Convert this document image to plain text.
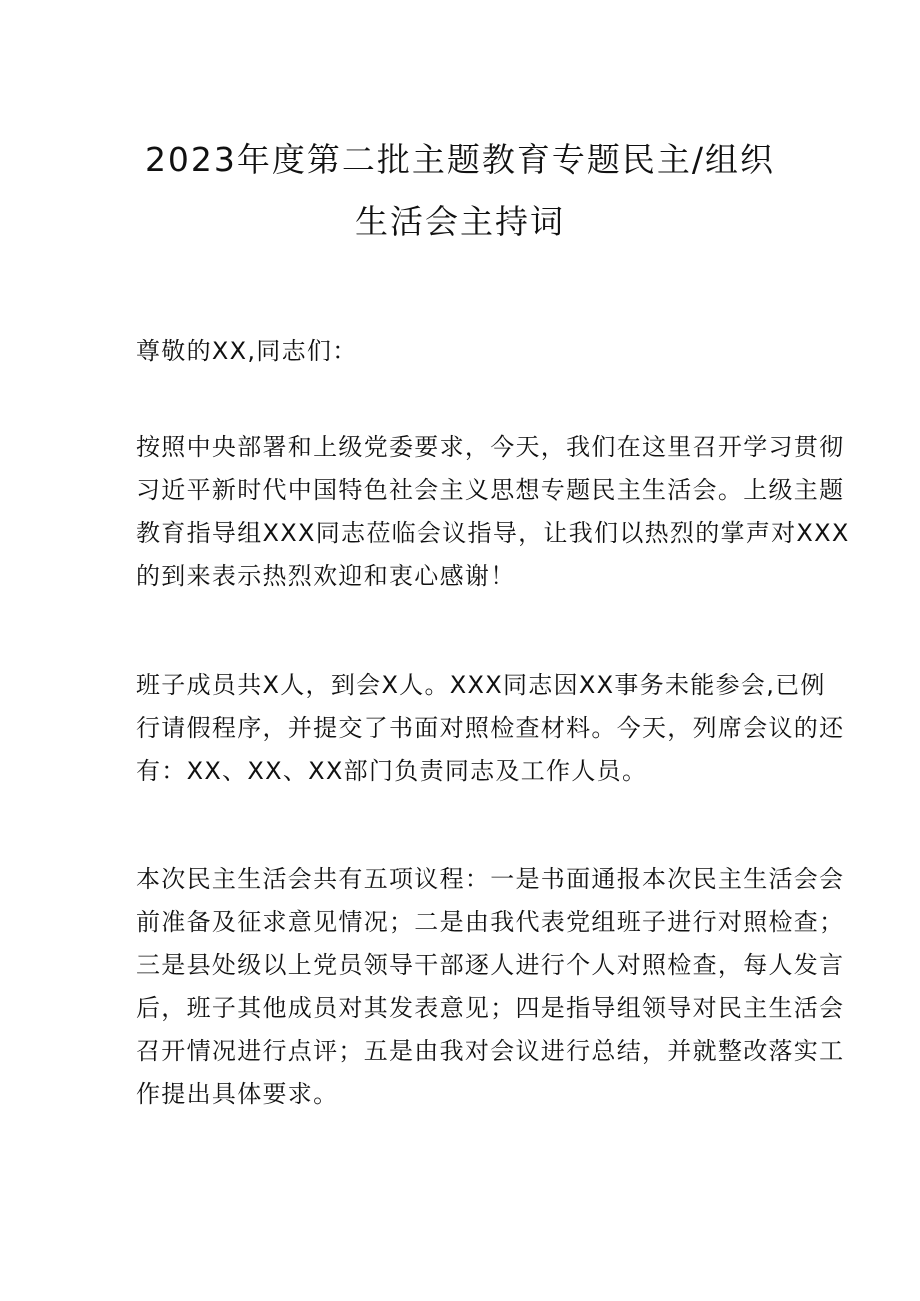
2023年度第二批主题教育专题民主/组织
生活会主持词

尊敬的XX,同志们：

按照中央部署和上级党委要求，今天，我们在这里召开学习贯彻
习近平新时代中国特色社会主义思想专题民主生活会。上级主题
教育指导组XXX同志莅临会议指导，让我们以热烈的掌声对XXX
的到来表示热烈欢迎和衷心感谢！
班子成员共X人，到会X人。XXX同志因XX事务未能参会,已例
行请假程序，并提交了书面对照检查材料。今天，列席会议的还
有：XX、XX、XX部门负责同志及工作人员。
本次民主生活会共有五项议程：一是书面通报本次民主生活会会
前准备及征求意见情况；二是由我代表党组班子进行对照检查；
三是县处级以上党员领导干部逐人进行个人对照检查，每人发言
后，班子其他成员对其发表意见；四是指导组领导对民主生活会
召开情况进行点评；五是由我对会议进行总结，并就整改落实工
作提出具体要求。
